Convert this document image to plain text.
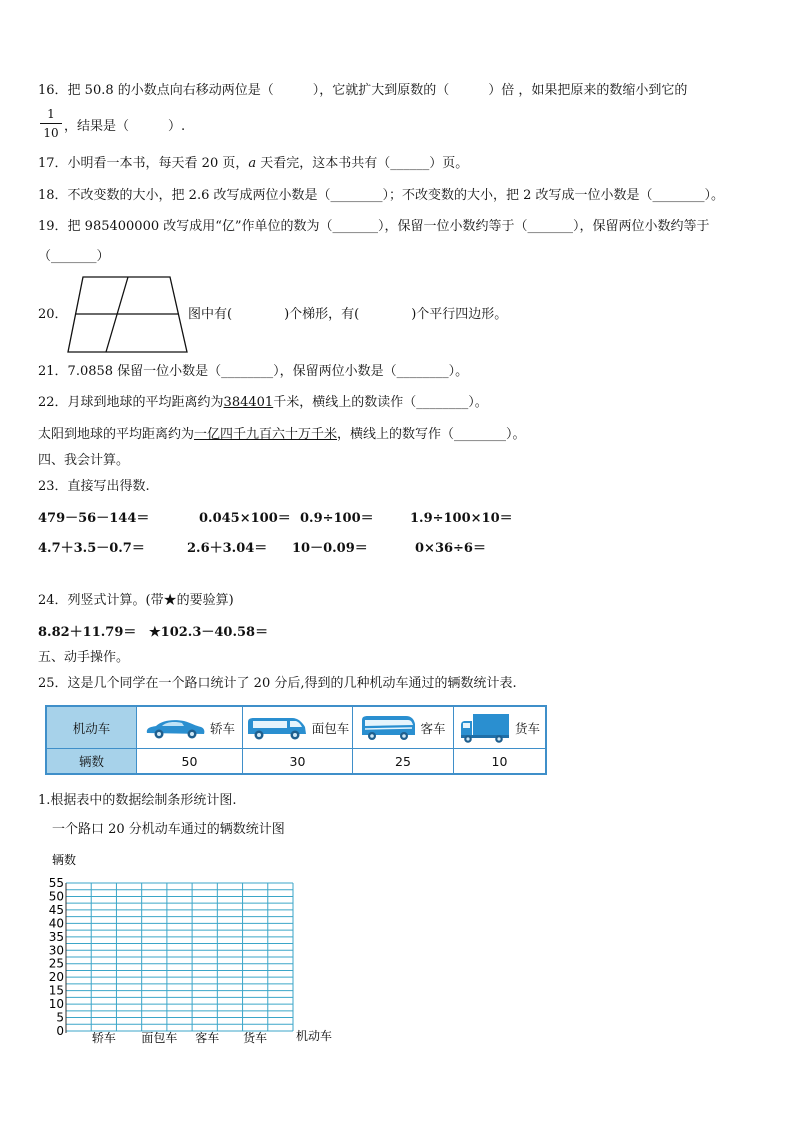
16．把 50.8 的小数点向右移动两位是（　　　），它就扩大到原数的（　　　）倍 ，如果把原来的数缩小到它的
1
10 ，结果是（　　　）.
17．小明看一本书，每天看 20 页，a 天看完，这本书共有（______）页。
18．不改变数的大小，把 2.6 改写成两位小数是（________）；不改变数的大小，把 2 改写成一位小数是（________）。
19．把 985400000 改写成用“亿”作单位的数为（_______），保留一位小数约等于（_______），保留两位小数约等于
（_______）
20．	图中有(　　　　)个梯形，有(　　　　)个平行四边形。
21．7.0858 保留一位小数是（________），保留两位小数是（________）。
22．月球到地球的平均距离约为384401千米，横线上的数读作（________）。
太阳到地球的平均距离约为一亿四千九百六十万千米，横线上的数写作（________）。
四、我会计算。
23．直接写出得数.
479－56－144＝	0.045×100＝ 0.9÷100＝	1.9÷100×10＝
4.7＋3.5－0.7＝	2.6＋3.04＝ 10－0.09＝	0×36÷6＝
24．列竖式计算。(带★的要验算)
8.82＋11.79＝ ★102.3－40.58＝
五、动手操作。
25．这是几个同学在一个路口统计了 20 分后,得到的几种机动车通过的辆数统计表.
机动车	轿车	面包车	客车	货车
辆数	50	30	25	10
1.根据表中的数据绘制条形统计图.
一个路口 20 分机动车通过的辆数统计图
辆数
0
5
10
15
20
25
30
35
40
45
50
55
轿车 面包车 客车 货车 机动车
